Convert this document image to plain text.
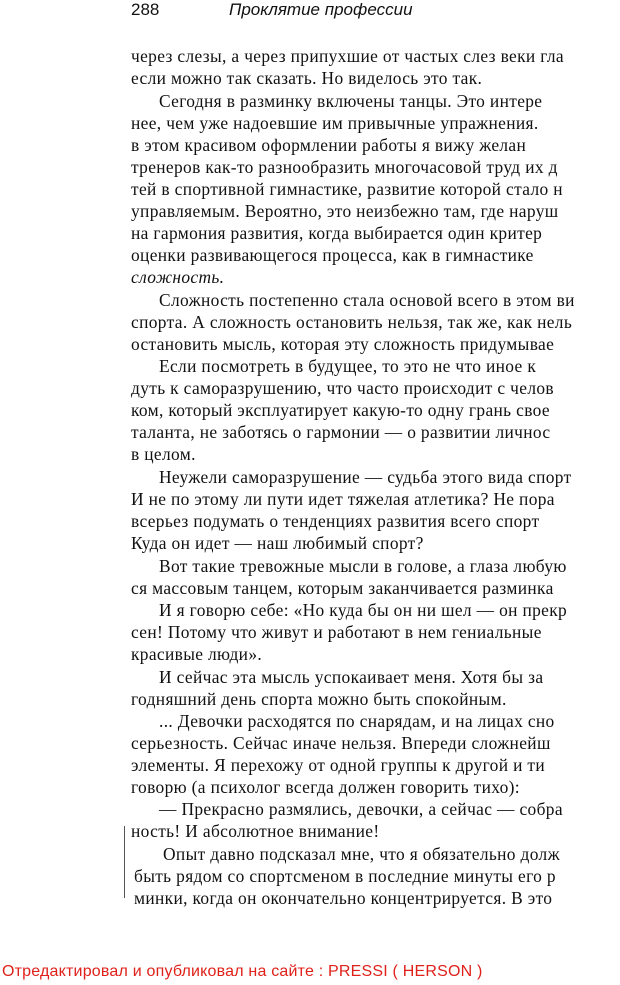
288	Проклятие профессии
через слезы, а через припухшие от частых слез веки гла
если можно так сказать. Но виделось это так.
Сегодня в разминку включены танцы. Это интере
нее, чем уже надоевшие им привычные упражнения.
в этом красивом оформлении работы я вижу желан
тренеров как-то разнообразить многочасовой труд их д
тей в спортивной гимнастике, развитие которой стало н
управляемым. Вероятно, это неизбежно там, где наруш
на гармония развития, когда выбирается один критер
оценки развивающегося процесса, как в гимнастике
сложность.
Сложность постепенно стала основой всего в этом ви
спорта. А сложность остановить нельзя, так же, как нель
остановить мысль, которая эту сложность придумывае
Если посмотреть в будущее, то это не что иное к
дуть к саморазрушению, что часто происходит с челов
ком, который эксплуатирует какую-то одну грань свое
таланта, не заботясь о гармонии — о развитии личнос
в целом.
Неужели саморазрушение — судьба этого вида спорт
И не по этому ли пути идет тяжелая атлетика? Не пора
всерьез подумать о тенденциях развития всего спорт
Куда он идет — наш любимый спорт?
Вот такие тревожные мысли в голове, а глаза любую
ся массовым танцем, которым заканчивается разминка
И я говорю себе: «Но куда бы он ни шел — он прекр
сен! Потому что живут и работают в нем гениальные
красивые люди».
И сейчас эта мысль успокаивает меня. Хотя бы за
годняшний день спорта можно быть спокойным.
... Девочки расходятся по снарядам, и на лицах сно
серьезность. Сейчас иначе нельзя. Впереди сложнейш
элементы. Я перехожу от одной группы к другой и ти
говорю (а психолог всегда должен говорить тихо):
— Прекрасно размялись, девочки, а сейчас — собра
ность! И абсолютное внимание!
Опыт давно подсказал мне, что я обязательно долж
быть рядом со спортсменом в последние минуты его р
минки, когда он окончательно концентрируется. В это
Отредактировал и опубликовал на сайте : PRESSI ( HERSON )
